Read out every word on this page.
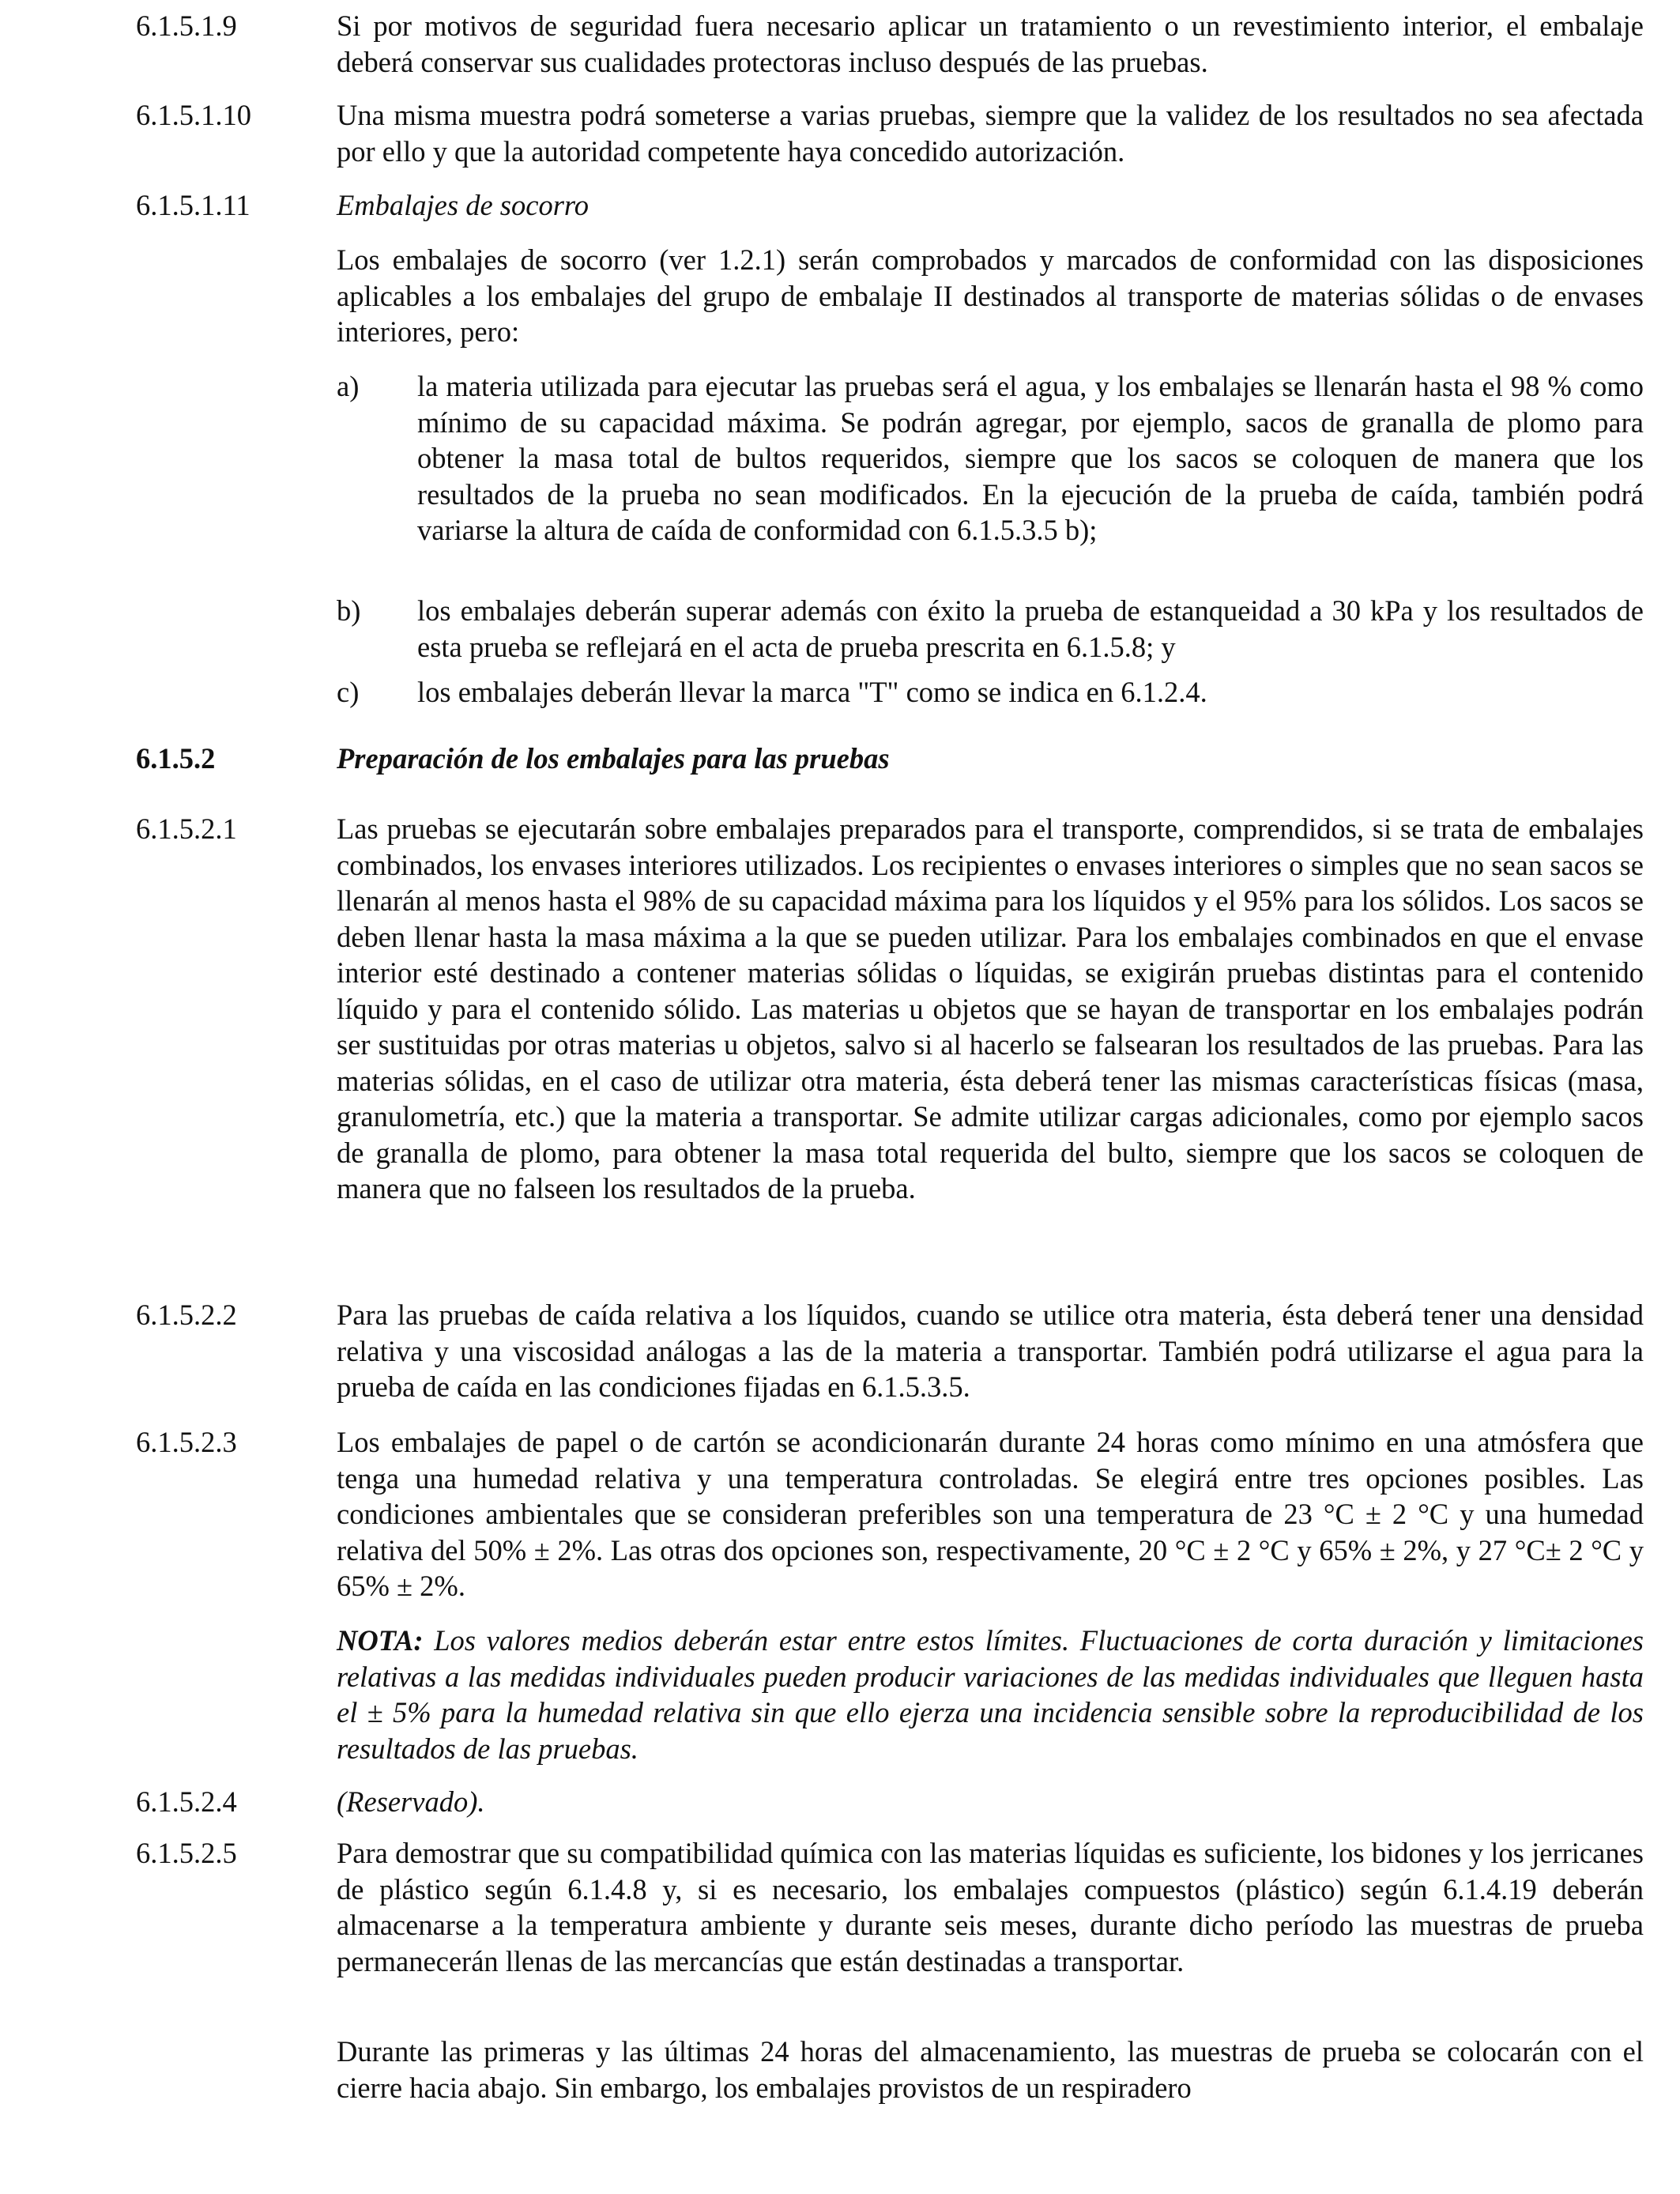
6.1.5.1.9	Si por motivos de seguridad fuera necesario aplicar un tratamiento o un revestimiento interior, el embalaje deberá conservar sus cualidades protectoras incluso después de las pruebas.
6.1.5.1.10	Una misma muestra podrá someterse a varias pruebas, siempre que la validez de los resultados no sea afectada por ello y que la autoridad competente haya concedido autorización.
6.1.5.1.11	Embalajes de socorro
Los embalajes de socorro (ver 1.2.1) serán comprobados y marcados de conformidad con las disposiciones aplicables a los embalajes del grupo de embalaje II destinados al transporte de materias sólidas o de envases interiores, pero:
a) la materia utilizada para ejecutar las pruebas será el agua, y los embalajes se llenarán hasta el 98 % como mínimo de su capacidad máxima. Se podrán agregar, por ejemplo, sacos de granalla de plomo para obtener la masa total de bultos requeridos, siempre que los sacos se coloquen de manera que los resultados de la prueba no sean modificados. En la ejecución de la prueba de caída, también podrá variarse la altura de caída de conformidad con 6.1.5.3.5 b);
b) los embalajes deberán superar además con éxito la prueba de estanqueidad a 30 kPa y los resultados de esta prueba se reflejará en el acta de prueba prescrita en 6.1.5.8; y
c) los embalajes deberán llevar la marca "T" como se indica en 6.1.2.4.
6.1.5.2	Preparación de los embalajes para las pruebas
6.1.5.2.1	Las pruebas se ejecutarán sobre embalajes preparados para el transporte, comprendidos, si se trata de embalajes combinados, los envases interiores utilizados. Los recipientes o envases interiores o simples que no sean sacos se llenarán al menos hasta el 98% de su capacidad máxima para los líquidos y el 95% para los sólidos. Los sacos se deben llenar hasta la masa máxima a la que se pueden utilizar. Para los embalajes combinados en que el envase interior esté destinado a contener materias sólidas o líquidas, se exigirán pruebas distintas para el contenido líquido y para el contenido sólido. Las materias u objetos que se hayan de transportar en los embalajes podrán ser sustituidas por otras materias u objetos, salvo si al hacerlo se falsearan los resultados de las pruebas. Para las materias sólidas, en el caso de utilizar otra materia, ésta deberá tener las mismas características físicas (masa, granulometría, etc.) que la materia a transportar. Se admite utilizar cargas adicionales, como por ejemplo sacos de granalla de plomo, para obtener la masa total requerida del bulto, siempre que los sacos se coloquen de manera que no falseen los resultados de la prueba.
6.1.5.2.2	Para las pruebas de caída relativa a los líquidos, cuando se utilice otra materia, ésta deberá tener una densidad relativa y una viscosidad análogas a las de la materia a transportar. También podrá utilizarse el agua para la prueba de caída en las condiciones fijadas en 6.1.5.3.5.
6.1.5.2.3	Los embalajes de papel o de cartón se acondicionarán durante 24 horas como mínimo en una atmósfera que tenga una humedad relativa y una temperatura controladas. Se elegirá entre tres opciones posibles. Las condiciones ambientales que se consideran preferibles son una temperatura de 23 °C ± 2 °C y una humedad relativa del 50% ± 2%. Las otras dos opciones son, respectivamente, 20 °C ± 2 °C y 65% ± 2%, y 27 °C± 2 °C y 65% ± 2%.
NOTA: Los valores medios deberán estar entre estos límites. Fluctuaciones de corta duración y limitaciones relativas a las medidas individuales pueden producir variaciones de las medidas individuales que lleguen hasta el ± 5% para la humedad relativa sin que ello ejerza una incidencia sensible sobre la reproducibilidad de los resultados de las pruebas.
6.1.5.2.4	(Reservado).
6.1.5.2.5	Para demostrar que su compatibilidad química con las materias líquidas es suficiente, los bidones y los jerricanes de plástico según 6.1.4.8 y, si es necesario, los embalajes compuestos (plástico) según 6.1.4.19 deberán almacenarse a la temperatura ambiente y durante seis meses, durante dicho período las muestras de prueba permanecerán llenas de las mercancías que están destinadas a transportar.
Durante las primeras y las últimas 24 horas del almacenamiento, las muestras de prueba se colocarán con el cierre hacia abajo. Sin embargo, los embalajes provistos de un respiradero
